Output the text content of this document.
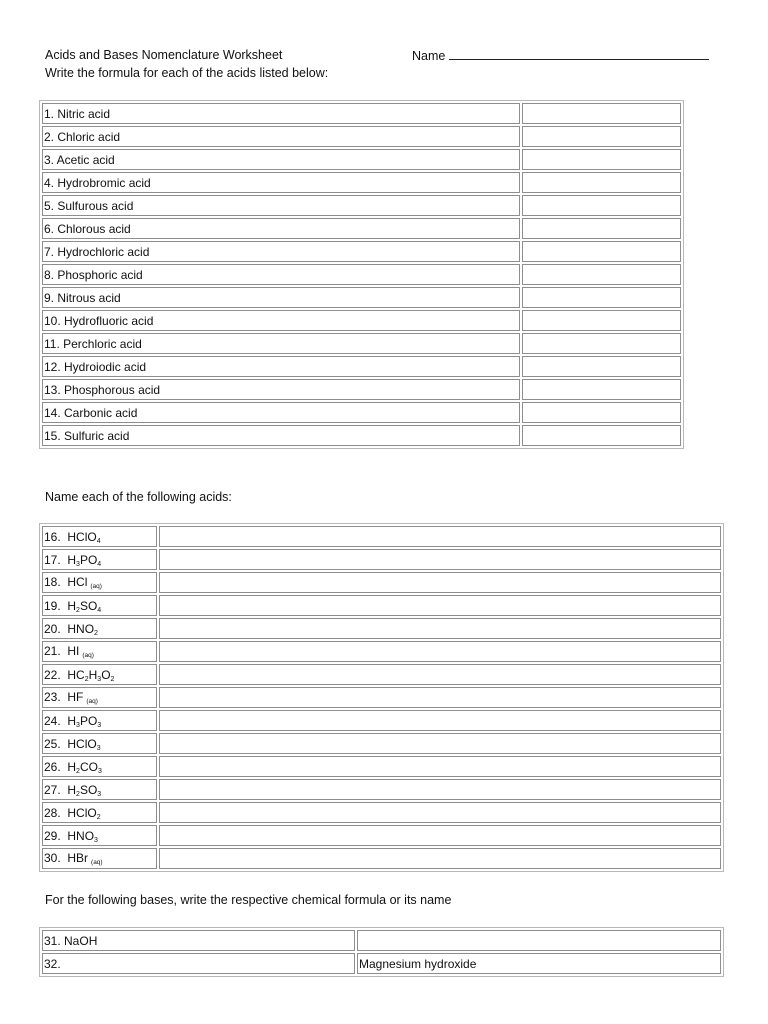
Acids and Bases Nomenclature Worksheet	Name
Write the formula for each of the acids listed below:
1. Nitric acid	
2. Chloric acid	
3. Acetic acid	
4. Hydrobromic acid	
5. Sulfurous acid	
6. Chlorous acid	
7. Hydrochloric acid	
8. Phosphoric acid	
9. Nitrous acid	
10. Hydrofluoric acid	
11. Perchloric acid	
12. Hydroiodic acid	
13. Phosphorous acid	
14. Carbonic acid	
15. Sulfuric acid	
Name each of the following acids:
16. HClO$_4$	
17. $H_3PO_4$	
18. HCl (aq)	
19. $H_2SO_4$	
20. $HNO_2$	
21. HI (aq)	
22. $HC_2H_3O_2$	
23. HF (aq)	
24. $H_3PO_3$	
25. HClO$_3$	
26. $H_2CO_3$	
27. $H_2SO_3$	
28. HClO$_2$	
29. $HNO_3$	
30. HBr (aq)	
For the following bases, write the respective chemical formula or its name
31. NaOH	
32.	Magnesium hydroxide
